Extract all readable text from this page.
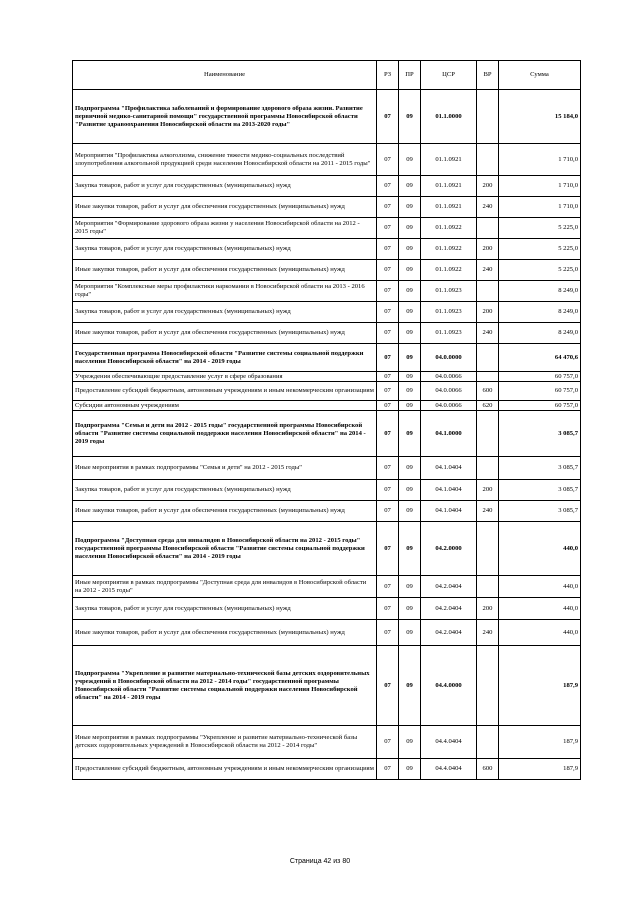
Наименование	РЗ	ПР	ЦСР	ВР	Сумма
Подпрограмма "Профилактика заболеваний и формирование здорового образа жизни. Развитие первичной медико-санитарной помощи" государственной программы Новосибирской области "Развитие здравоохранения Новосибирской области на 2013-2020 годы"	07	09	01.1.0000		15 184,0
Мероприятия "Профилактика алкоголизма, снижение тяжести медико-социальных последствий злоупотребления алкогольной продукцией среди населения Новосибирской области на 2011 - 2015 годы"	07	09	01.1.0921		1 710,0
Закупка товаров, работ и услуг для государственных (муниципальных) нужд	07	09	01.1.0921	200	1 710,0
Иные закупки товаров, работ и услуг для обеспечения государственных (муниципальных) нужд	07	09	01.1.0921	240	1 710,0
Мероприятия "Формирование здорового образа жизни у населения Новосибирской области на 2012 - 2015 годы"	07	09	01.1.0922		5 225,0
Закупка товаров, работ и услуг для государственных (муниципальных) нужд	07	09	01.1.0922	200	5 225,0
Иные закупки товаров, работ и услуг для обеспечения государственных (муниципальных) нужд	07	09	01.1.0922	240	5 225,0
Мероприятия "Комплексные меры профилактики наркомании в Новосибирской области на 2013 - 2016 годы"	07	09	01.1.0923		8 249,0
Закупка товаров, работ и услуг для государственных (муниципальных) нужд	07	09	01.1.0923	200	8 249,0
Иные закупки товаров, работ и услуг для обеспечения государственных (муниципальных) нужд	07	09	01.1.0923	240	8 249,0
Государственная программа Новосибирской области "Развитие системы социальной поддержки населения Новосибирской области" на 2014 - 2019 годы	07	09	04.0.0000		64 470,6
Учреждения обеспечивающие предоставление услуг в сфере образования	07	09	04.0.0066		60 757,0
Предоставление субсидий бюджетным, автономным учреждениям и иным некоммерческим организациям	07	09	04.0.0066	600	60 757,0
Субсидии автономным учреждениям	07	09	04.0.0066	620	60 757,0
Подпрограмма "Семья и дети на 2012 - 2015 годы" государственной программы Новосибирской области "Развитие системы социальной поддержки населения Новосибирской области" на 2014 - 2019 годы	07	09	04.1.0000		3 085,7
Иные мероприятия в рамках подпрограммы "Семья и дети" на 2012 - 2015 годы"	07	09	04.1.0404		3 085,7
Закупка товаров, работ и услуг для государственных (муниципальных) нужд	07	09	04.1.0404	200	3 085,7
Иные закупки товаров, работ и услуг для обеспечения государственных (муниципальных) нужд	07	09	04.1.0404	240	3 085,7
Подпрограмма "Доступная среда для инвалидов в Новосибирской области на 2012 - 2015 годы" государственной программы Новосибирской области "Развитие системы социальной поддержки населения Новосибирской области" на 2014 - 2019 годы	07	09	04.2.0000		440,0
Иные мероприятия в рамках подпрограммы "Доступная среда для инвалидов в Новосибирской области на 2012 - 2015 годы"	07	09	04.2.0404		440,0
Закупка товаров, работ и услуг для государственных (муниципальных) нужд	07	09	04.2.0404	200	440,0
Иные закупки товаров, работ и услуг для обеспечения государственных (муниципальных) нужд	07	09	04.2.0404	240	440,0
Подпрограмма "Укрепление и развитие материально-технической базы детских оздоровительных учреждений в Новосибирской области на 2012 - 2014 годы" государственной программы Новосибирской области "Развитие системы социальной поддержки населения Новосибирской области" на 2014 - 2019 годы	07	09	04.4.0000		187,9
Иные мероприятия в рамках подпрограммы "Укрепление и развитие материально-технической базы детских оздоровительных учреждений в Новосибирской области на 2012 - 2014 годы"	07	09	04.4.0404		187,9
Предоставление субсидий бюджетным, автономным учреждениям и иным некоммерческим организациям	07	09	04.4.0404	600	187,9
Страница 42 из 80
